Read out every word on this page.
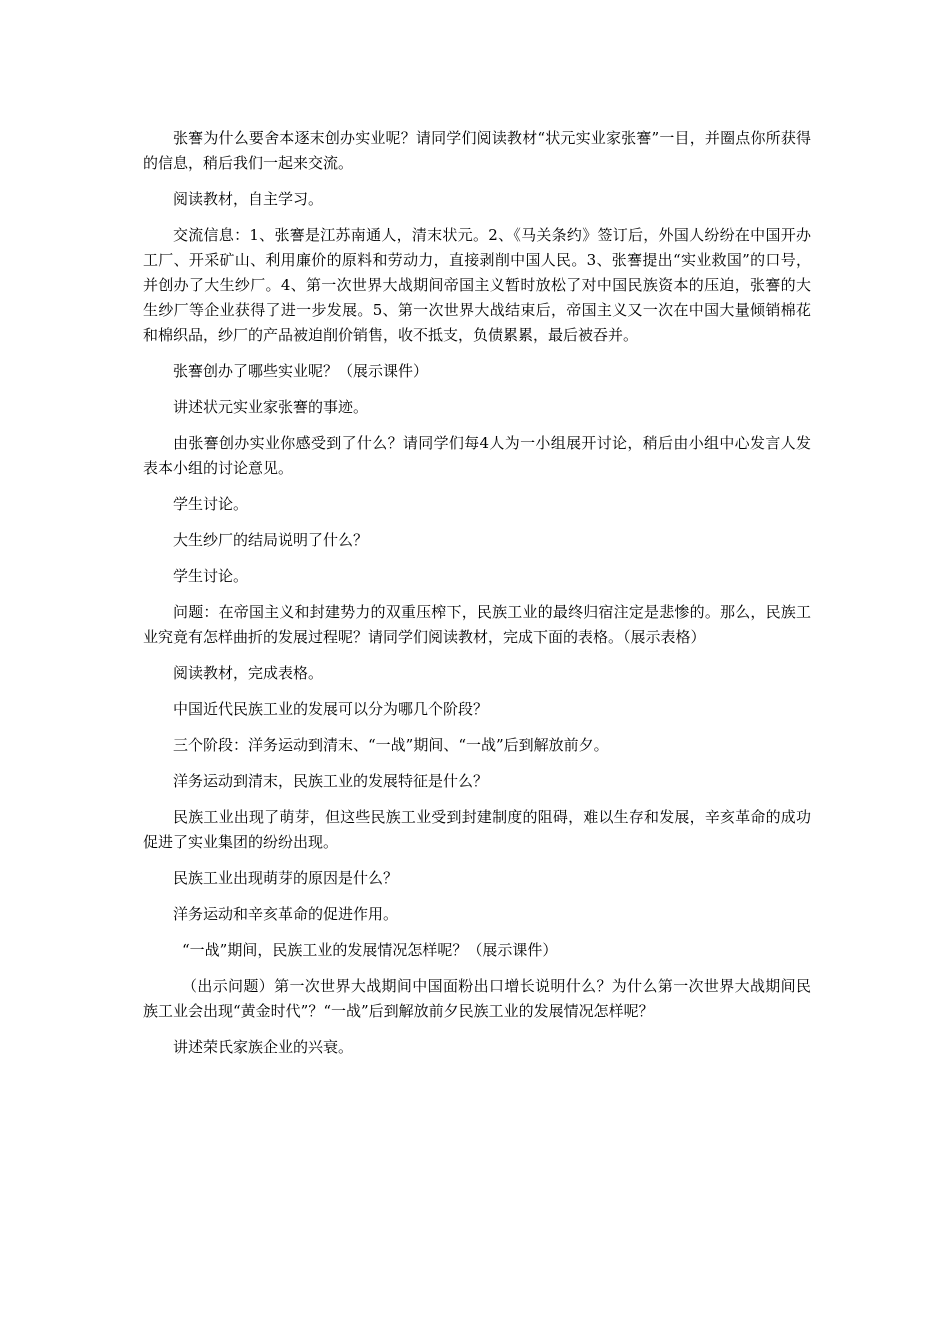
张謇为什么要舍本逐末创办实业呢？请同学们阅读教材“状元实业家张謇”一目，并圈点你所获得的信息，稍后我们一起来交流。

阅读教材，自主学习。

交流信息：1、张謇是江苏南通人，清末状元。2、《马关条约》签订后，外国人纷纷在中国开办工厂、开采矿山、利用廉价的原料和劳动力，直接剥削中国人民。3、张謇提出“实业救国”的口号，并创办了大生纱厂。4、第一次世界大战期间帝国主义暂时放松了对中国民族资本的压迫，张謇的大生纱厂等企业获得了进一步发展。5、第一次世界大战结束后，帝国主义又一次在中国大量倾销棉花和棉织品，纱厂的产品被迫削价销售，收不抵支，负债累累，最后被吞并。

张謇创办了哪些实业呢？（展示课件）

讲述状元实业家张謇的事迹。

由张謇创办实业你感受到了什么？请同学们每4人为一小组展开讨论，稍后由小组中心发言人发表本小组的讨论意见。

学生讨论。

大生纱厂的结局说明了什么？

学生讨论。

问题：在帝国主义和封建势力的双重压榨下，民族工业的最终归宿注定是悲惨的。那么，民族工业究竟有怎样曲折的发展过程呢？请同学们阅读教材，完成下面的表格。（展示表格）

阅读教材，完成表格。

中国近代民族工业的发展可以分为哪几个阶段？

三个阶段：洋务运动到清末、“一战”期间、“一战”后到解放前夕。

洋务运动到清末，民族工业的发展特征是什么？

民族工业出现了萌芽，但这些民族工业受到封建制度的阻碍，难以生存和发展，辛亥革命的成功促进了实业集团的纷纷出现。

民族工业出现萌芽的原因是什么？

洋务运动和辛亥革命的促进作用。

“一战”期间，民族工业的发展情况怎样呢？（展示课件）

（出示问题）第一次世界大战期间中国面粉出口增长说明什么？为什么第一次世界大战期间民族工业会出现“黄金时代”？“一战”后到解放前夕民族工业的发展情况怎样呢？

讲述荣氏家族企业的兴衰。
